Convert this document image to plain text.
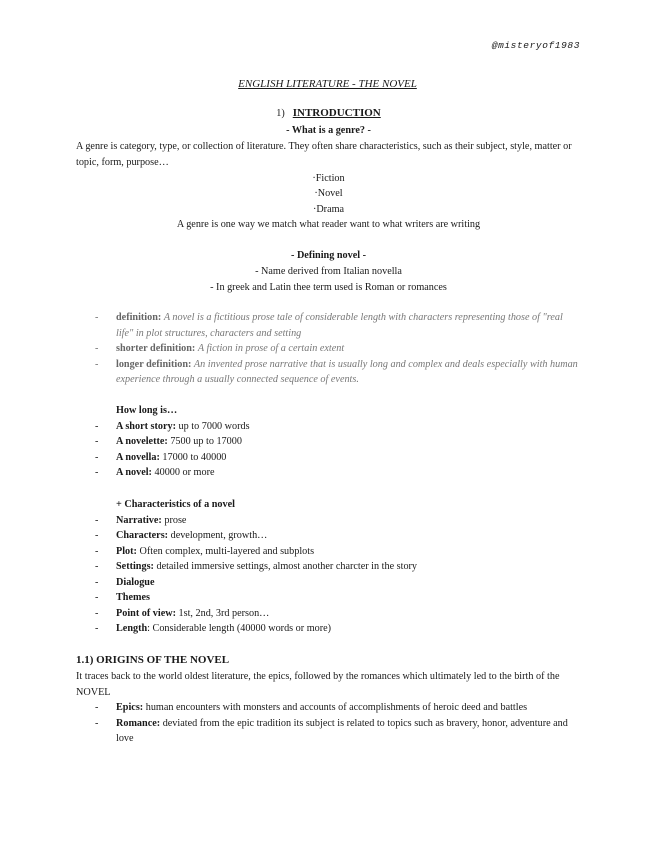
@misteryof1983
ENGLISH LITERATURE - THE NOVEL
1) INTRODUCTION
- What is a genre? -
A genre is category, type, or collection of literature. They often share characteristics, such as their subject, style, matter or topic, form, purpose…
·Fiction
·Novel
·Drama
A genre is one way we match what reader want to what writers are writing
- Defining novel -
- Name derived from Italian novella
- In greek and Latin thee term used is Roman or romances
-	definition: A novel is a fictitious prose tale of considerable length with characters representing those of "real life" in plot structures, characters and setting
-	shorter definition: A fiction in prose of a certain extent
-	longer definition: An invented prose narrative that is usually long and complex and deals especially with human experience through a usually connected sequence of events.
How long is…
-	A short story: up to 7000 words
-	A novelette: 7500 up to 17000
-	A novella: 17000 to 40000
-	A novel: 40000 or more
+ Characteristics of a novel
-	Narrative: prose
-	Characters: development, growth…
-	Plot: Often complex, multi-layered and subplots
-	Settings: detailed immersive settings, almost another charcter in the story
-	Dialogue
-	Themes
-	Point of view: 1st, 2nd, 3rd person…
-	Length: Considerable length (40000 words or more)
1.1) ORIGINS OF THE NOVEL
It traces back to the world oldest literature, the epics, followed by the romances which ultimately led to the birth of the NOVEL
-	Epics: human encounters with monsters and accounts of accomplishments of heroic deed and battles
-	Romance: deviated from the epic tradition its subject is related to topics such as bravery, honor, adventure and love
